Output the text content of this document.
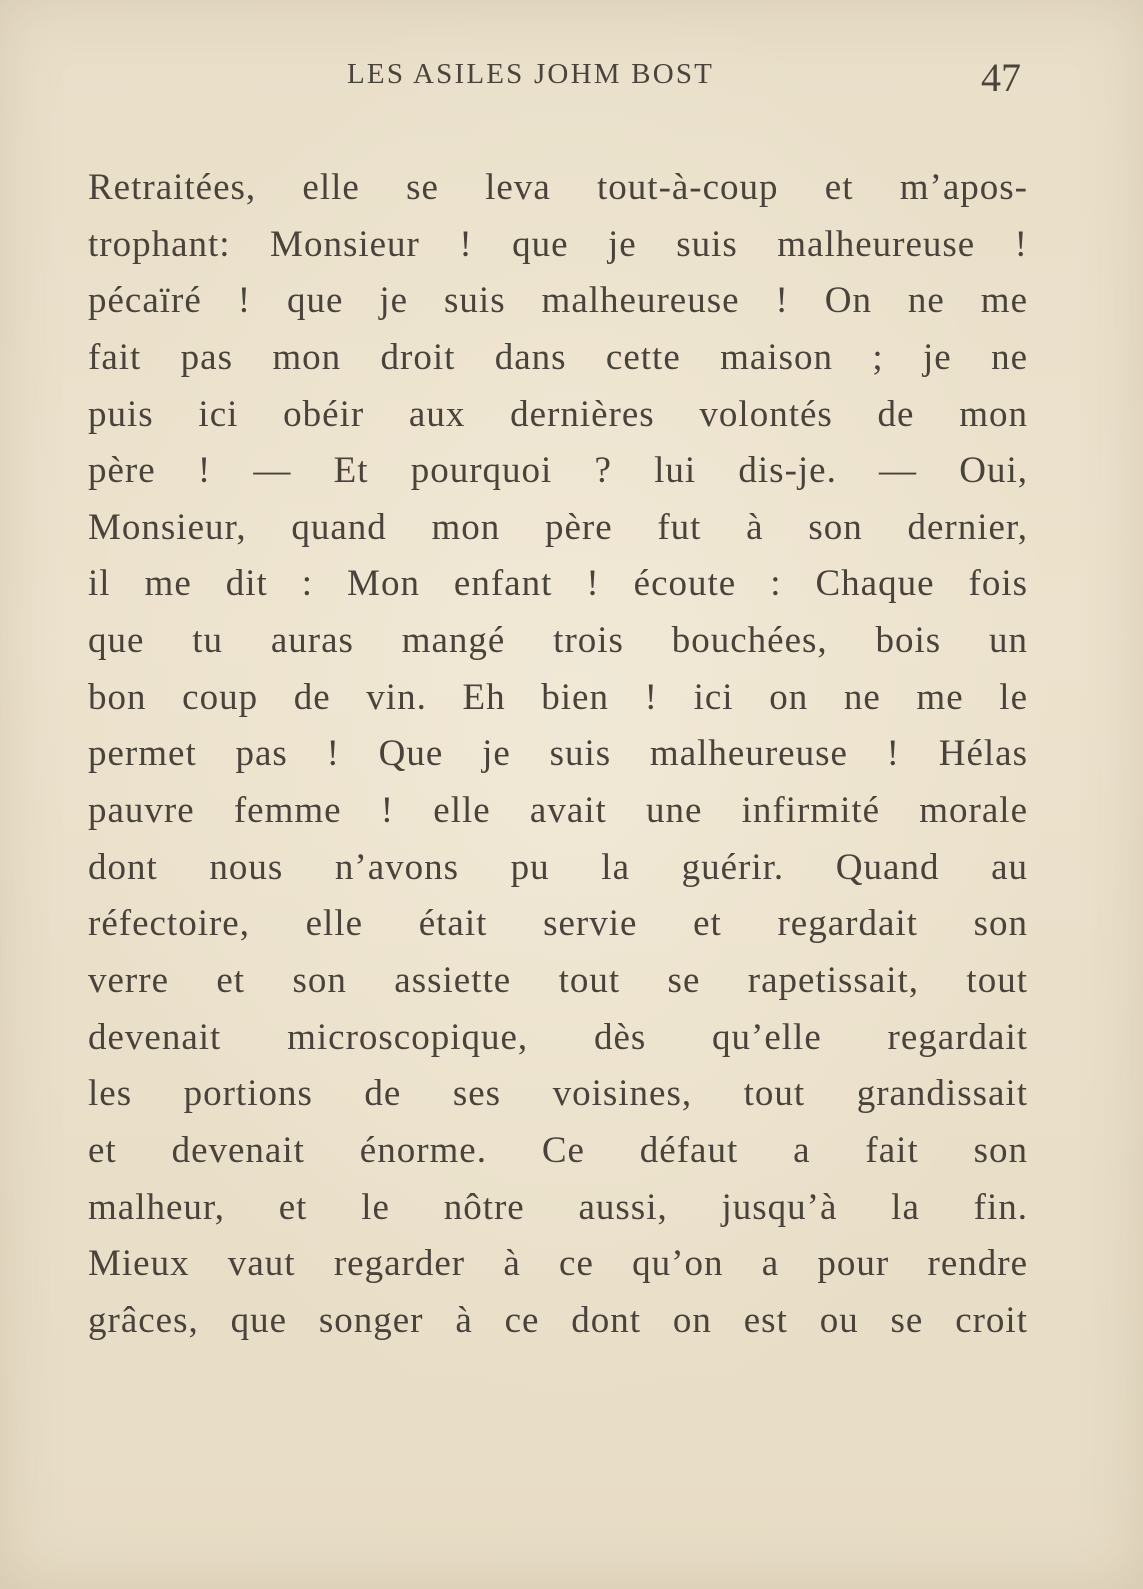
LES ASILES JOHM BOST	47
Retraitées, elle se leva tout-à-coup et m’apos-
trophant: Monsieur ! que je suis malheureuse !
pécaïré ! que je suis malheureuse ! On ne me
fait pas mon droit dans cette maison ; je ne
puis ici obéir aux dernières volontés de mon
père ! — Et pourquoi ? lui dis-je. — Oui,
Monsieur, quand mon père fut à son dernier,
il me dit : Mon enfant ! écoute : Chaque fois
que tu auras mangé trois bouchées, bois un
bon coup de vin. Eh bien ! ici on ne me le
permet pas ! Que je suis malheureuse ! Hélas
pauvre femme ! elle avait une infirmité morale
dont nous n’avons pu la guérir. Quand au
réfectoire, elle était servie et regardait son
verre et son assiette tout se rapetissait, tout
devenait microscopique, dès qu’elle regardait
les portions de ses voisines, tout grandissait
et devenait énorme. Ce défaut a fait son
malheur, et le nôtre aussi, jusqu’à la fin.
Mieux vaut regarder à ce qu’on a pour rendre
grâces, que songer à ce dont on est ou se croit
